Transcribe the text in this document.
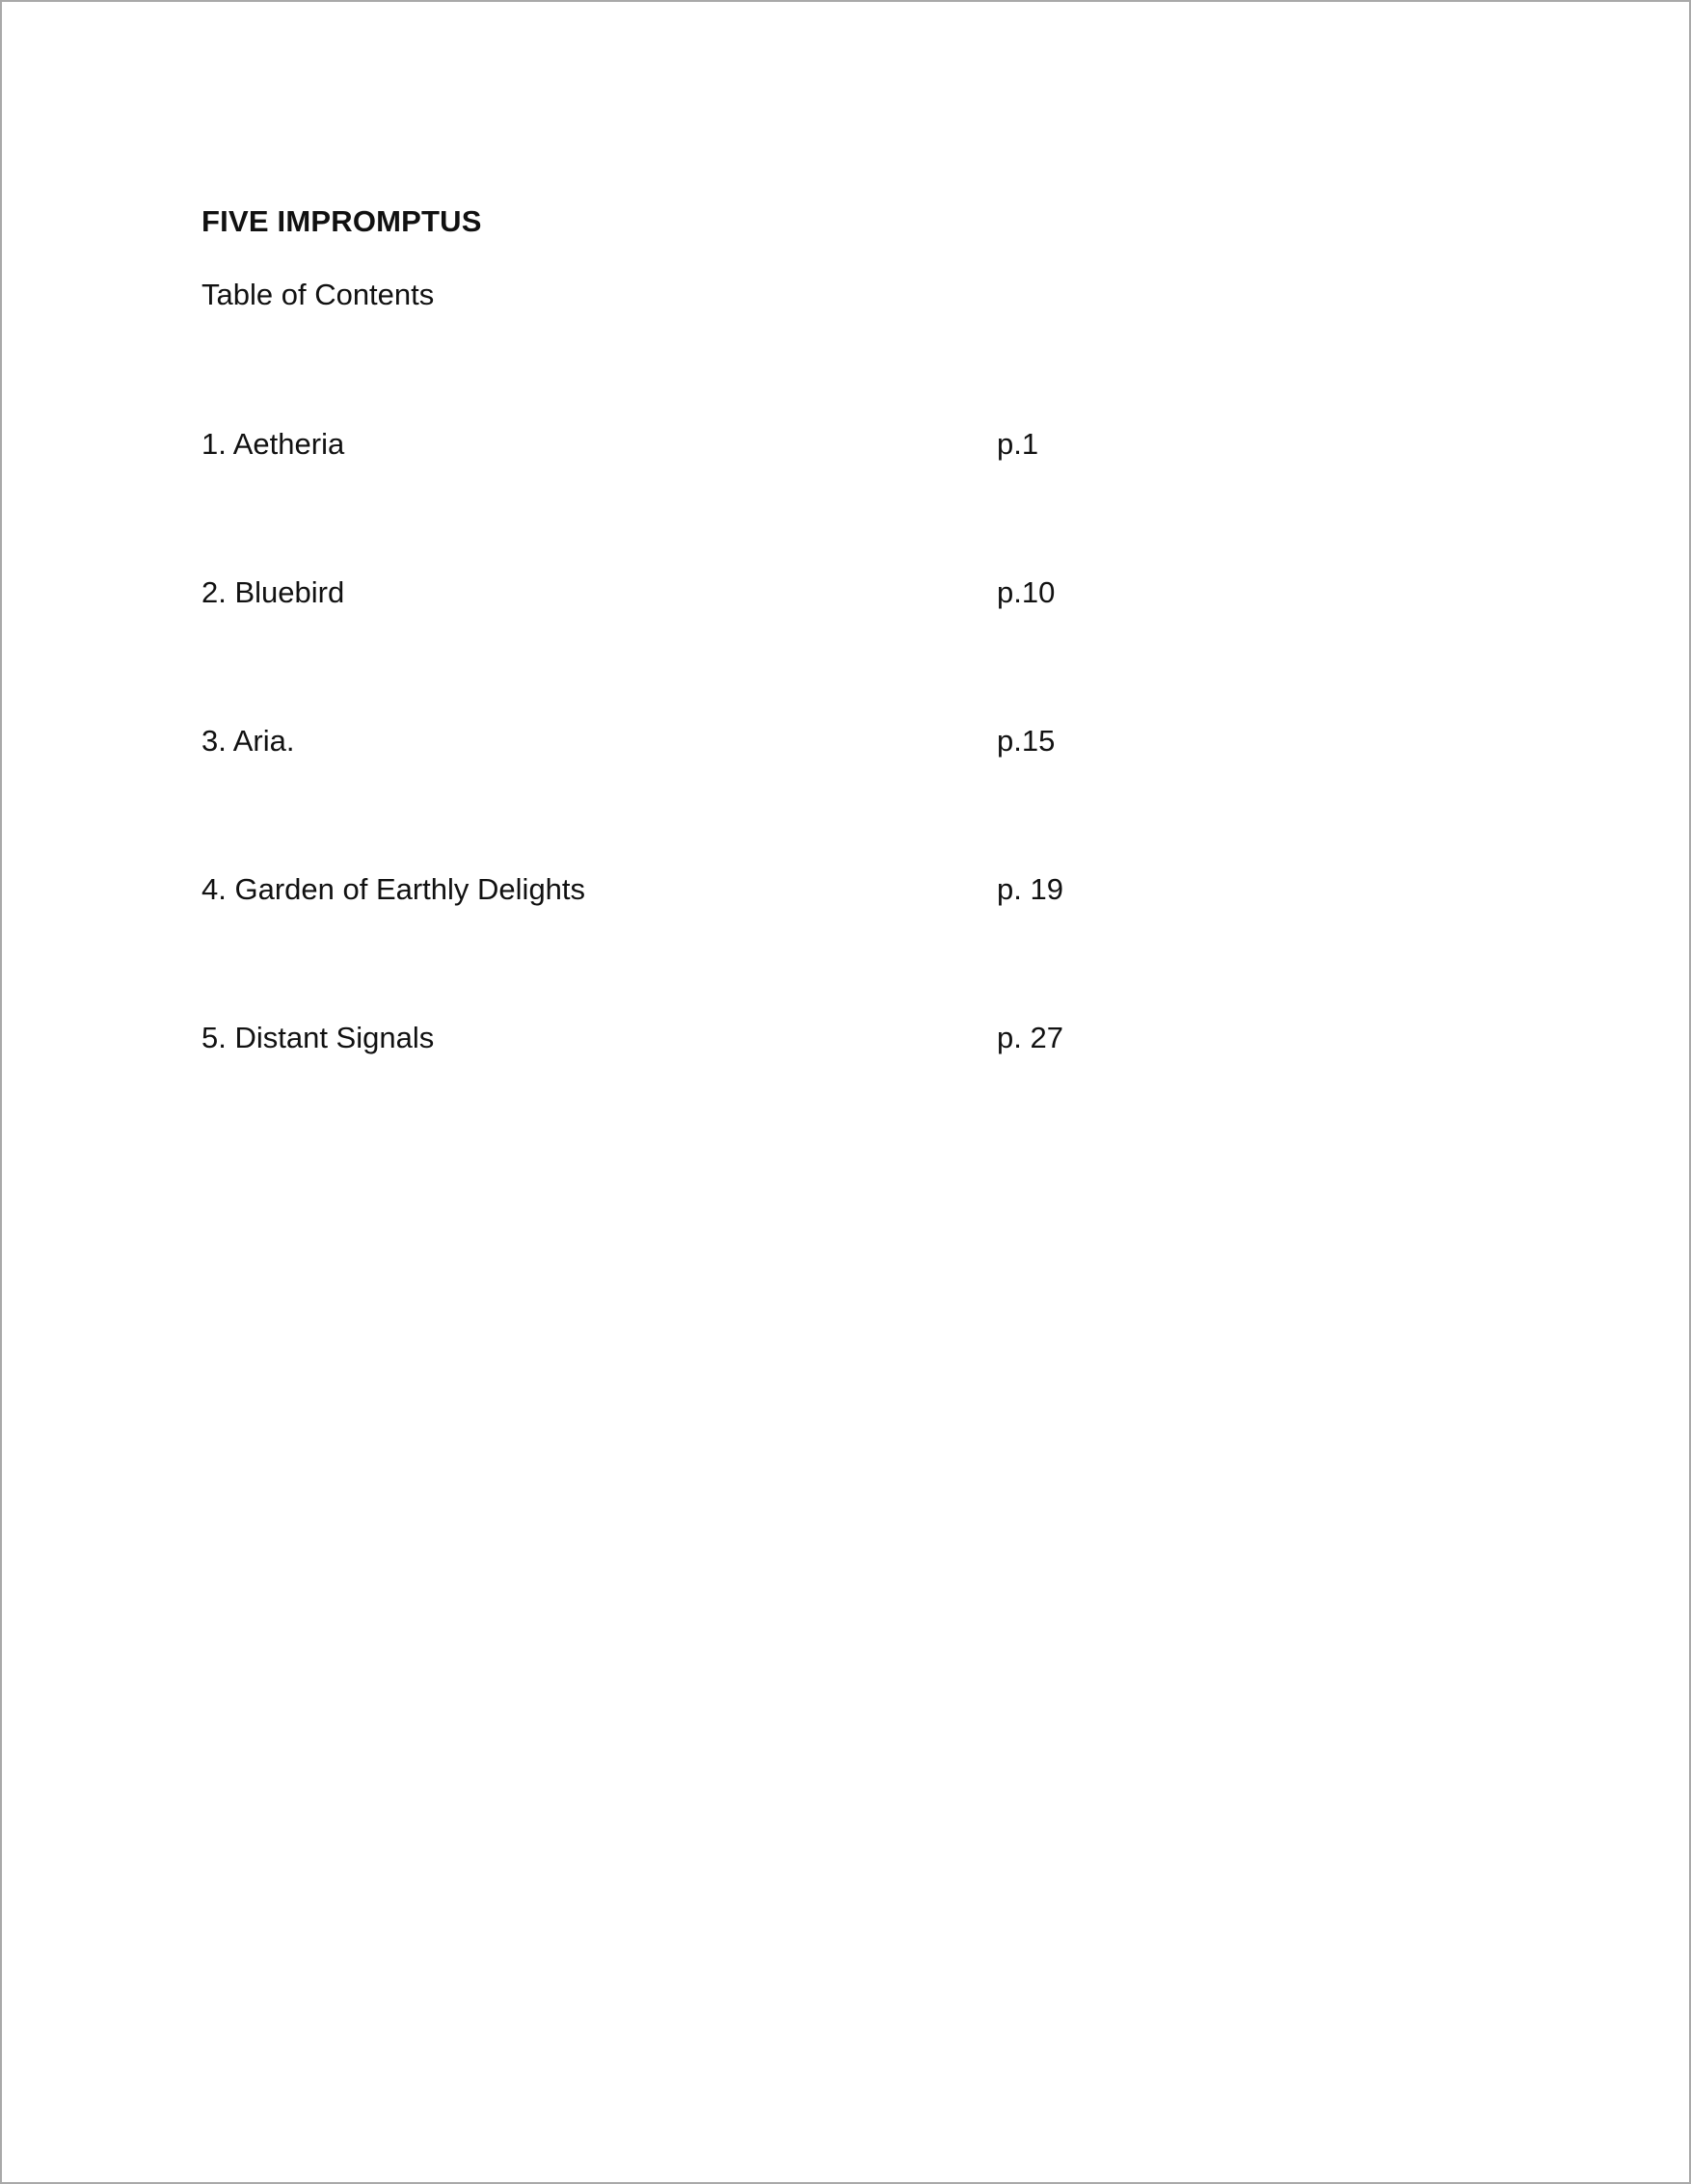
FIVE IMPROMPTUS

Table of Contents

1. Aetheria	p.1
2. Bluebird	p.10
3. Aria.	p.15
4. Garden of Earthly Delights	p. 19
5. Distant Signals	p. 27
